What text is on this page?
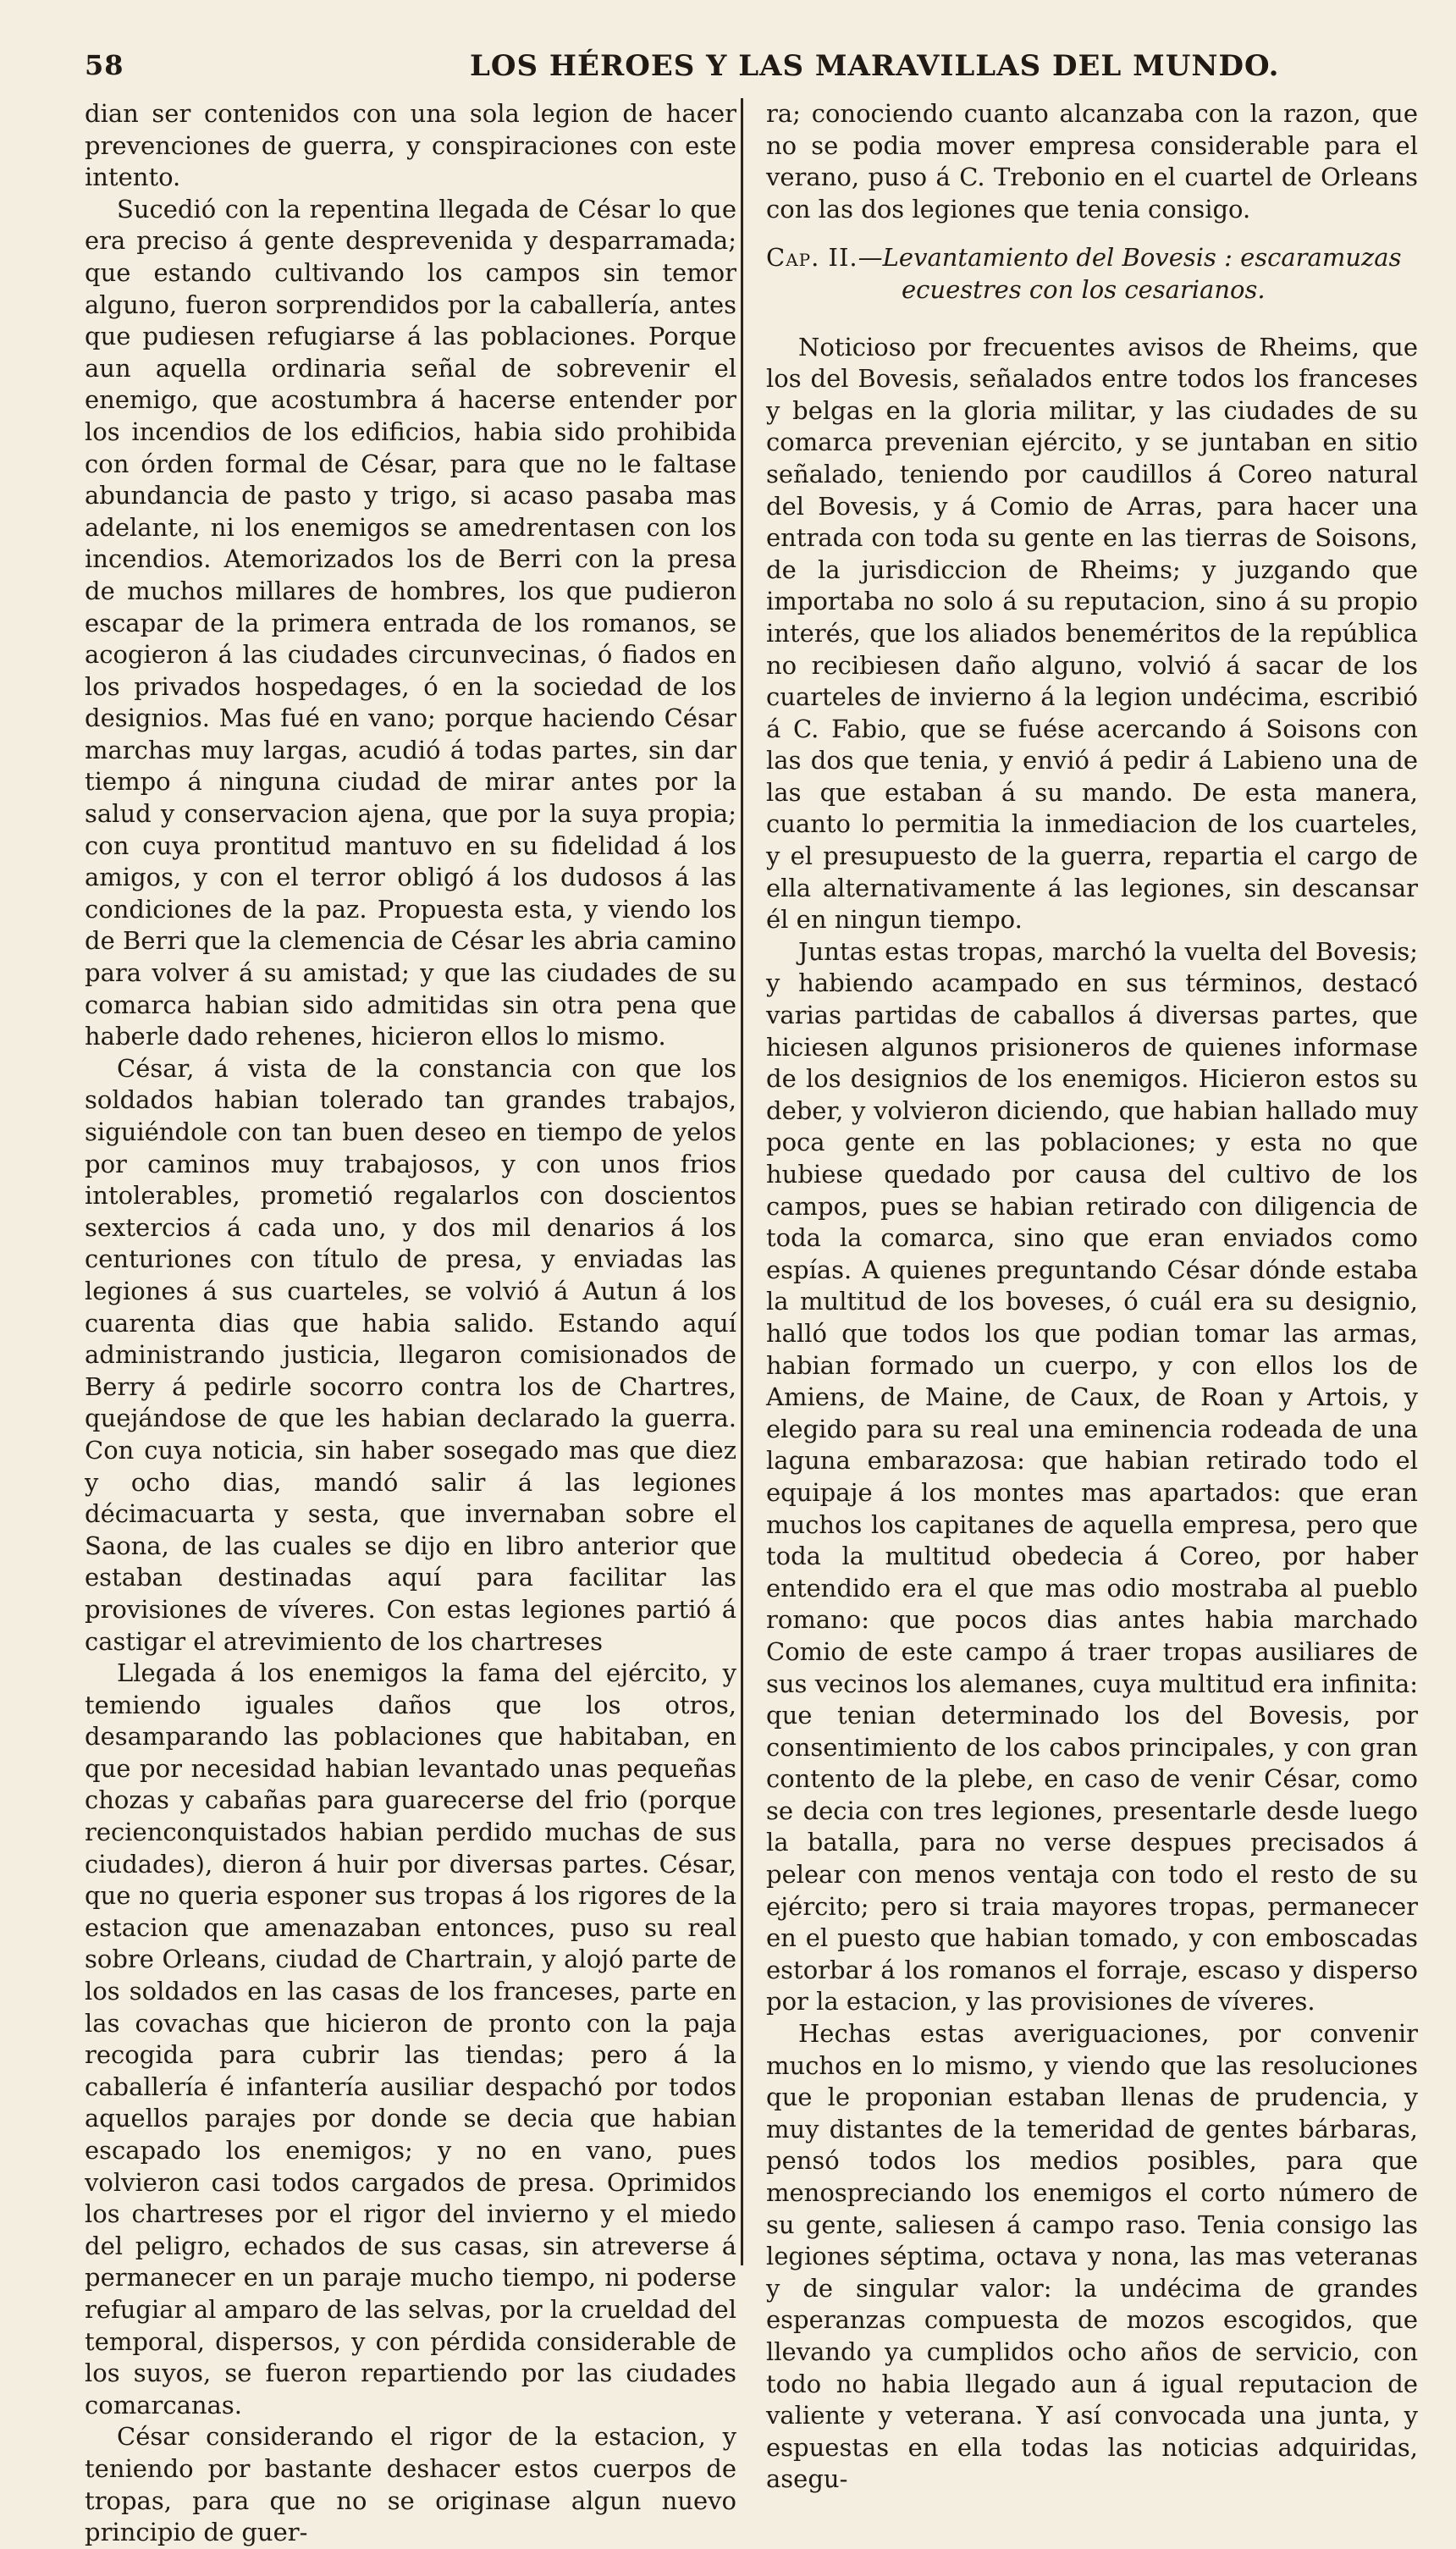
58	LOS HÉROES Y LAS MARAVILLAS DEL MUNDO.

dian ser contenidos con una sola legion de hacer prevenciones de guerra, y conspiraciones con este intento.

Sucedió con la repentina llegada de César lo que era preciso á gente desprevenida y desparramada; que estando cultivando los campos sin temor alguno, fueron sorprendidos por la caballería, antes que pudiesen refugiarse á las poblaciones. Porque aun aquella ordinaria señal de sobrevenir el enemigo, que acostumbra á hacerse entender por los incendios de los edificios, habia sido prohibida con órden formal de César, para que no le faltase abundancia de pasto y trigo, si acaso pasaba mas adelante, ni los enemigos se amedrentasen con los incendios. Atemorizados los de Berri con la presa de muchos millares de hombres, los que pudieron escapar de la primera entrada de los romanos, se acogieron á las ciudades circunvecinas, ó fiados en los privados hospedages, ó en la sociedad de los designios. Mas fué en vano; porque haciendo César marchas muy largas, acudió á todas partes, sin dar tiempo á ninguna ciudad de mirar antes por la salud y conservacion ajena, que por la suya propia; con cuya prontitud mantuvo en su fidelidad á los amigos, y con el terror obligó á los dudosos á las condiciones de la paz. Propuesta esta, y viendo los de Berri que la clemencia de César les abria camino para volver á su amistad; y que las ciudades de su comarca habian sido admitidas sin otra pena que haberle dado rehenes, hicieron ellos lo mismo.

César, á vista de la constancia con que los soldados habian tolerado tan grandes trabajos, siguiéndole con tan buen deseo en tiempo de yelos por caminos muy trabajosos, y con unos frios intolerables, prometió regalarlos con doscientos sextercios á cada uno, y dos mil denarios á los centuriones con título de presa, y enviadas las legiones á sus cuarteles, se volvió á Autun á los cuarenta dias que habia salido. Estando aquí administrando justicia, llegaron comisionados de Berry á pedirle socorro contra los de Chartres, quejándose de que les habian declarado la guerra. Con cuya noticia, sin haber sosegado mas que diez y ocho dias, mandó salir á las legiones décimacuarta y sesta, que invernaban sobre el Saona, de las cuales se dijo en libro anterior que estaban destinadas aquí para facilitar las provisiones de víveres. Con estas legiones partió á castigar el atrevimiento de los chartreses

Llegada á los enemigos la fama del ejército, y temiendo iguales daños que los otros, desamparando las poblaciones que habitaban, en que por necesidad habian levantado unas pequeñas chozas y cabañas para guarecerse del frio (porque recienconquistados habian perdido muchas de sus ciudades), dieron á huir por diversas partes. César, que no queria esponer sus tropas á los rigores de la estacion que amenazaban entonces, puso su real sobre Orleans, ciudad de Chartrain, y alojó parte de los soldados en las casas de los franceses, parte en las covachas que hicieron de pronto con la paja recogida para cubrir las tiendas; pero á la caballería é infantería ausiliar despachó por todos aquellos parajes por donde se decia que habian escapado los enemigos; y no en vano, pues volvieron casi todos cargados de presa. Oprimidos los chartreses por el rigor del invierno y el miedo del peligro, echados de sus casas, sin atreverse á permanecer en un paraje mucho tiempo, ni poderse refugiar al amparo de las selvas, por la crueldad del temporal, dispersos, y con pérdida considerable de los suyos, se fueron repartiendo por las ciudades comarcanas.

César considerando el rigor de la estacion, y teniendo por bastante deshacer estos cuerpos de tropas, para que no se originase algun nuevo principio de guer-

ra; conociendo cuanto alcanzaba con la razon, que no se podia mover empresa considerable para el verano, puso á C. Trebonio en el cuartel de Orleans con las dos legiones que tenia consigo.

Cap. II.—Levantamiento del Bovesis : escaramuzas
ecuestres con los cesarianos.

Noticioso por frecuentes avisos de Rheims, que los del Bovesis, señalados entre todos los franceses y belgas en la gloria militar, y las ciudades de su comarca prevenian ejército, y se juntaban en sitio señalado, teniendo por caudillos á Coreo natural del Bovesis, y á Comio de Arras, para hacer una entrada con toda su gente en las tierras de Soisons, de la jurisdiccion de Rheims; y juzgando que importaba no solo á su reputacion, sino á su propio interés, que los aliados beneméritos de la república no recibiesen daño alguno, volvió á sacar de los cuarteles de invierno á la legion undécima, escribió á C. Fabio, que se fuése acercando á Soisons con las dos que tenia, y envió á pedir á Labieno una de las que estaban á su mando. De esta manera, cuanto lo permitia la inmediacion de los cuarteles, y el presupuesto de la guerra, repartia el cargo de ella alternativamente á las legiones, sin descansar él en ningun tiempo.

Juntas estas tropas, marchó la vuelta del Bovesis; y habiendo acampado en sus términos, destacó varias partidas de caballos á diversas partes, que hiciesen algunos prisioneros de quienes informase de los designios de los enemigos. Hicieron estos su deber, y volvieron diciendo, que habian hallado muy poca gente en las poblaciones; y esta no que hubiese quedado por causa del cultivo de los campos, pues se habian retirado con diligencia de toda la comarca, sino que eran enviados como espías. A quienes preguntando César dónde estaba la multitud de los boveses, ó cuál era su designio, halló que todos los que podian tomar las armas, habian formado un cuerpo, y con ellos los de Amiens, de Maine, de Caux, de Roan y Artois, y elegido para su real una eminencia rodeada de una laguna embarazosa: que habian retirado todo el equipaje á los montes mas apartados: que eran muchos los capitanes de aquella empresa, pero que toda la multitud obedecia á Coreo, por haber entendido era el que mas odio mostraba al pueblo romano: que pocos dias antes habia marchado Comio de este campo á traer tropas ausiliares de sus vecinos los alemanes, cuya multitud era infinita: que tenian determinado los del Bovesis, por consentimiento de los cabos principales, y con gran contento de la plebe, en caso de venir César, como se decia con tres legiones, presentarle desde luego la batalla, para no verse despues precisados á pelear con menos ventaja con todo el resto de su ejército; pero si traia mayores tropas, permanecer en el puesto que habian tomado, y con emboscadas estorbar á los romanos el forraje, escaso y disperso por la estacion, y las provisiones de víveres.

Hechas estas averiguaciones, por convenir muchos en lo mismo, y viendo que las resoluciones que le proponian estaban llenas de prudencia, y muy distantes de la temeridad de gentes bárbaras, pensó todos los medios posibles, para que menospreciando los enemigos el corto número de su gente, saliesen á campo raso. Tenia consigo las legiones séptima, octava y nona, las mas veteranas y de singular valor: la undécima de grandes esperanzas compuesta de mozos escogidos, que llevando ya cumplidos ocho años de servicio, con todo no habia llegado aun á igual reputacion de valiente y veterana. Y así convocada una junta, y espuestas en ella todas las noticias adquiridas, asegu-
